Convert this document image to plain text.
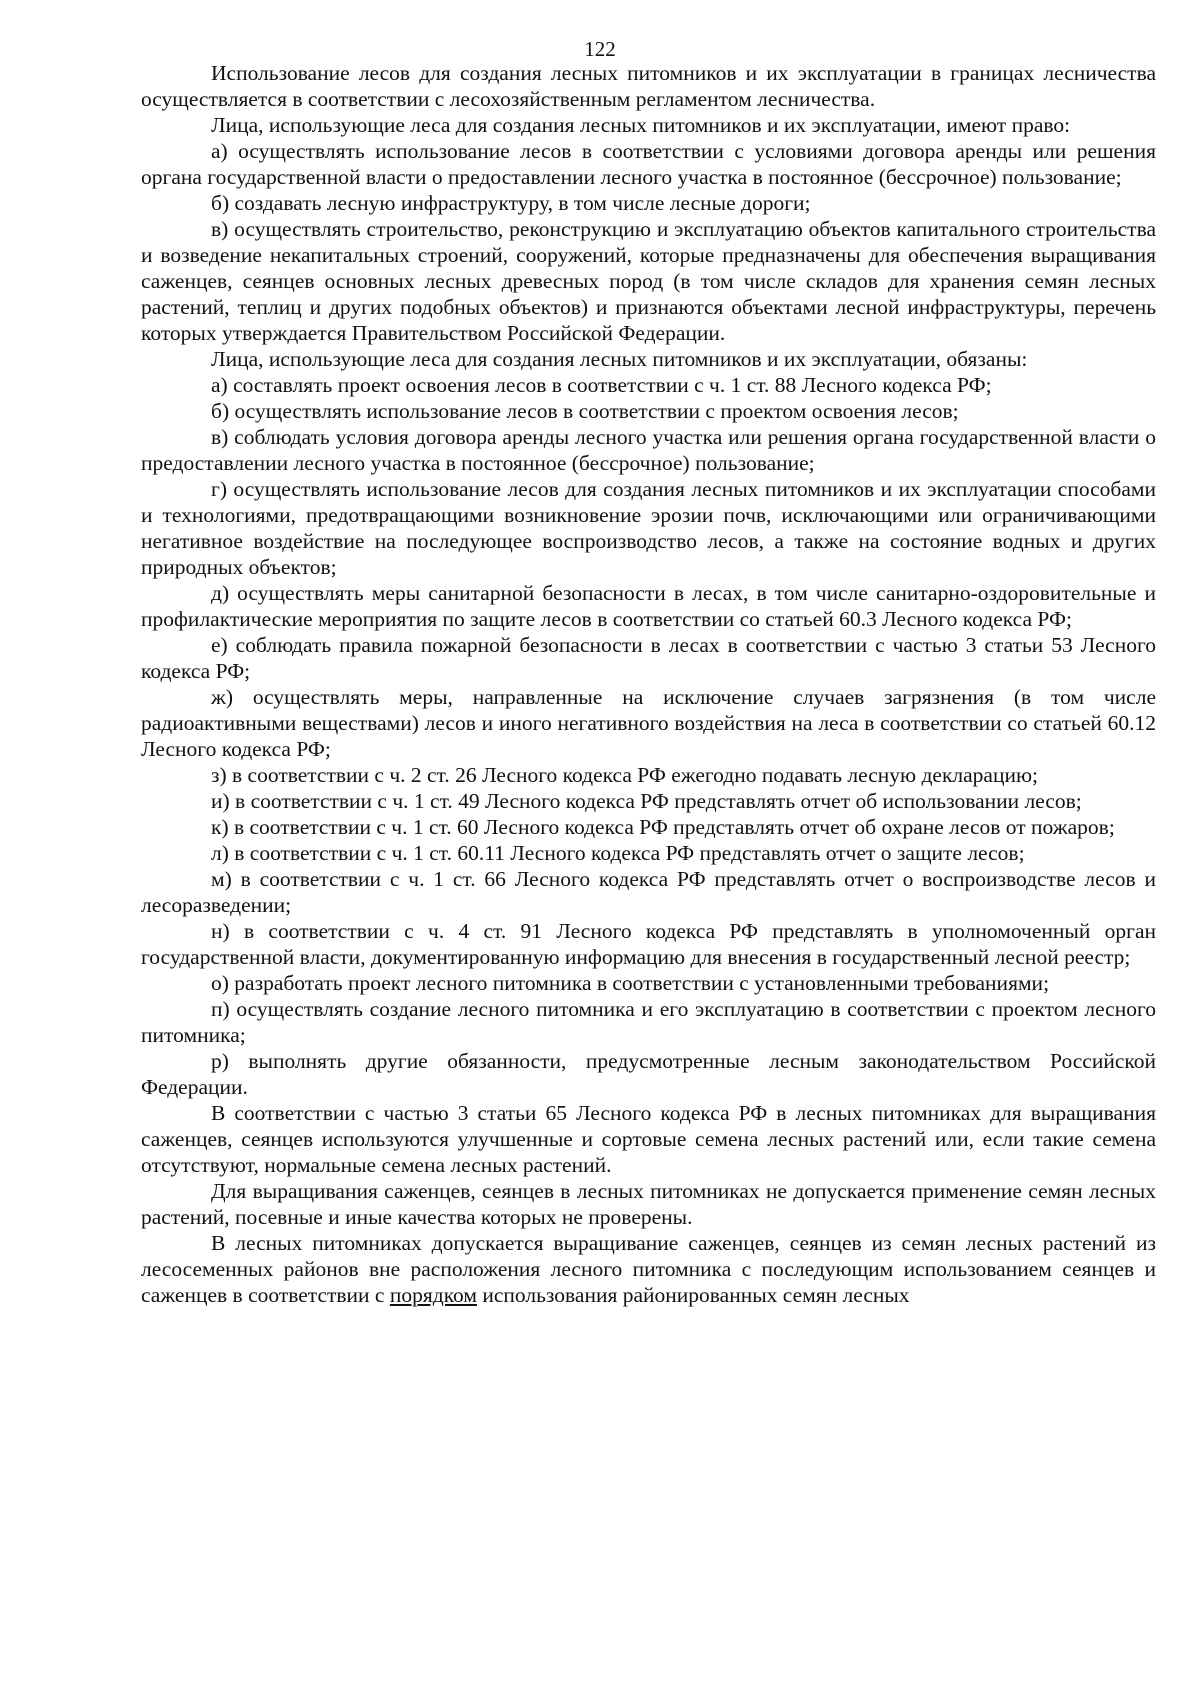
122

Использование лесов для создания лесных питомников и их эксплуатации в границах лесничества осуществляется в соответствии с лесохозяйственным регламентом лесничества.

Лица, использующие леса для создания лесных питомников и их эксплуатации, имеют право:

а) осуществлять использование лесов в соответствии с условиями договора аренды или решения органа государственной власти о предоставлении лесного участка в постоянное (бессрочное) пользование;

б) создавать лесную инфраструктуру, в том числе лесные дороги;

в) осуществлять строительство, реконструкцию и эксплуатацию объектов капитального строительства и возведение некапитальных строений, сооружений, которые предназначены для обеспечения выращивания саженцев, сеянцев основных лесных древесных пород (в том числе складов для хранения семян лесных растений, теплиц и других подобных объектов) и признаются объектами лесной инфраструктуры, перечень которых утверждается Правительством Российской Федерации.

Лица, использующие леса для создания лесных питомников и их эксплуатации, обязаны:

а) составлять проект освоения лесов в соответствии с ч. 1 ст. 88 Лесного кодекса РФ;

б) осуществлять использование лесов в соответствии с проектом освоения лесов;

в) соблюдать условия договора аренды лесного участка или решения органа государственной власти о предоставлении лесного участка в постоянное (бессрочное) пользование;

г) осуществлять использование лесов для создания лесных питомников и их эксплуатации способами и технологиями, предотвращающими возникновение эрозии почв, исключающими или ограничивающими негативное воздействие на последующее воспроизводство лесов, а также на состояние водных и других природных объектов;

д) осуществлять меры санитарной безопасности в лесах, в том числе санитарно-оздоровительные и профилактические мероприятия по защите лесов в соответствии со статьей 60.3 Лесного кодекса РФ;

е) соблюдать правила пожарной безопасности в лесах в соответствии с частью 3 статьи 53 Лесного кодекса РФ;

ж) осуществлять меры, направленные на исключение случаев загрязнения (в том числе радиоактивными веществами) лесов и иного негативного воздействия на леса в соответствии со статьей 60.12 Лесного кодекса РФ;

з) в соответствии с ч. 2 ст. 26 Лесного кодекса РФ ежегодно подавать лесную декларацию;

и) в соответствии с ч. 1 ст. 49 Лесного кодекса РФ представлять отчет об использовании лесов;

к) в соответствии с ч. 1 ст. 60 Лесного кодекса РФ представлять отчет об охране лесов от пожаров;

л) в соответствии с ч. 1 ст. 60.11 Лесного кодекса РФ представлять отчет о защите лесов;

м) в соответствии с ч. 1 ст. 66 Лесного кодекса РФ представлять отчет о воспроизводстве лесов и лесоразведении;

н) в соответствии с ч. 4 ст. 91 Лесного кодекса РФ представлять в уполномоченный орган государственной власти, документированную информацию для внесения в государственный лесной реестр;

о) разработать проект лесного питомника в соответствии с установленными требованиями;

п) осуществлять создание лесного питомника и его эксплуатацию в соответствии с проектом лесного питомника;

р) выполнять другие обязанности, предусмотренные лесным законодательством Российской Федерации.

В соответствии с частью 3 статьи 65 Лесного кодекса РФ в лесных питомниках для выращивания саженцев, сеянцев используются улучшенные и сортовые семена лесных растений или, если такие семена отсутствуют, нормальные семена лесных растений.

Для выращивания саженцев, сеянцев в лесных питомниках не допускается применение семян лесных растений, посевные и иные качества которых не проверены.

В лесных питомниках допускается выращивание саженцев, сеянцев из семян лесных растений из лесосеменных районов вне расположения лесного питомника с последующим использованием сеянцев и саженцев в соответствии с порядком использования районированных семян лесных
